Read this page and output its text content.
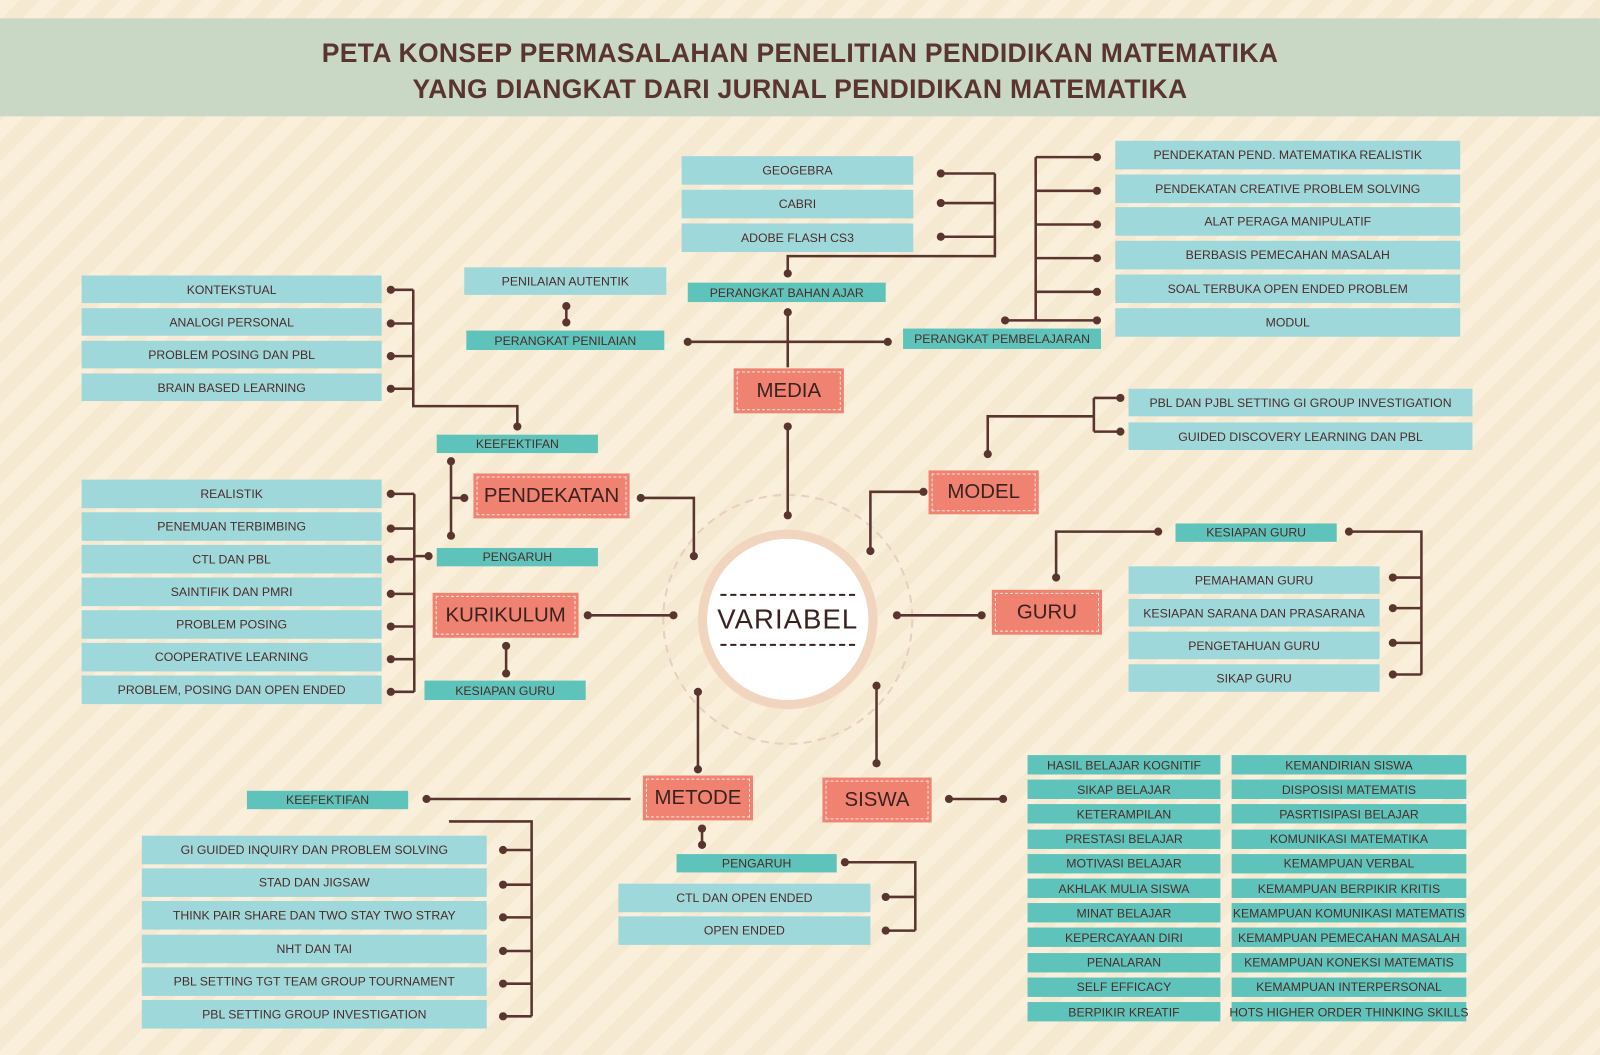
PETA KONSEP PERMASALAHAN PENELITIAN PENDIDIKAN MATEMATIKA
YANG DIANGKAT DARI JURNAL PENDIDIKAN MATEMATIKA
VARIABEL
MEDIA
GEOGEBRA
CABRI
ADOBE FLASH CS3
PERANGKAT BAHAN AJAR
PENILAIAN AUTENTIK
PERANGKAT PENILAIAN	PERANGKAT PEMBELAJARAN
PENDEKATAN PEND. MATEMATIKA REALISTIK
PENDEKATAN CREATIVE PROBLEM SOLVING
ALAT PERAGA MANIPULATIF
BERBASIS PEMECAHAN MASALAH
SOAL TERBUKA OPEN ENDED PROBLEM
MODUL
PENDEKATAN
KONTEKSTUAL
ANALOGI PERSONAL
PROBLEM POSING DAN PBL
BRAIN BASED LEARNING
KEEFEKTIFAN
PENGARUH
REALISTIK
PENEMUAN TERBIMBING
CTL DAN PBL
SAINTIFIK DAN PMRI
PROBLEM POSING
COOPERATIVE LEARNING
PROBLEM, POSING DAN OPEN ENDED
KURIKULUM
KESIAPAN GURU
MODEL
PBL DAN PJBL SETTING GI GROUP INVESTIGATION
GUIDED DISCOVERY LEARNING DAN PBL
GURU
KESIAPAN GURU
PEMAHAMAN GURU
KESIAPAN SARANA DAN PRASARANA
PENGETAHUAN GURU
SIKAP GURU
METODE
KEEFEKTIFAN
GI GUIDED INQUIRY DAN PROBLEM SOLVING
STAD DAN JIGSAW
THINK PAIR SHARE DAN TWO STAY TWO STRAY
NHT DAN TAI
PBL SETTING TGT TEAM GROUP TOURNAMENT
PBL SETTING GROUP INVESTIGATION
PENGARUH
CTL DAN OPEN ENDED
OPEN ENDED
SISWA
HASIL BELAJAR KOGNITIF
SIKAP BELAJAR
KETERAMPILAN
PRESTASI BELAJAR
MOTIVASI BELAJAR
AKHLAK MULIA SISWA
MINAT BELAJAR
KEPERCAYAAN DIRI
PENALARAN
SELF EFFICACY
BERPIKIR KREATIF
KEMANDIRIAN SISWA
DISPOSISI MATEMATIS
PASRTISIPASI BELAJAR
KOMUNIKASI MATEMATIKA
KEMAMPUAN VERBAL
KEMAMPUAN BERPIKIR KRITIS
KEMAMPUAN KOMUNIKASI MATEMATIS
KEMAMPUAN PEMECAHAN MASALAH
KEMAMPUAN KONEKSI MATEMATIS
KEMAMPUAN INTERPERSONAL
HOTS HIGHER ORDER THINKING SKILLS
